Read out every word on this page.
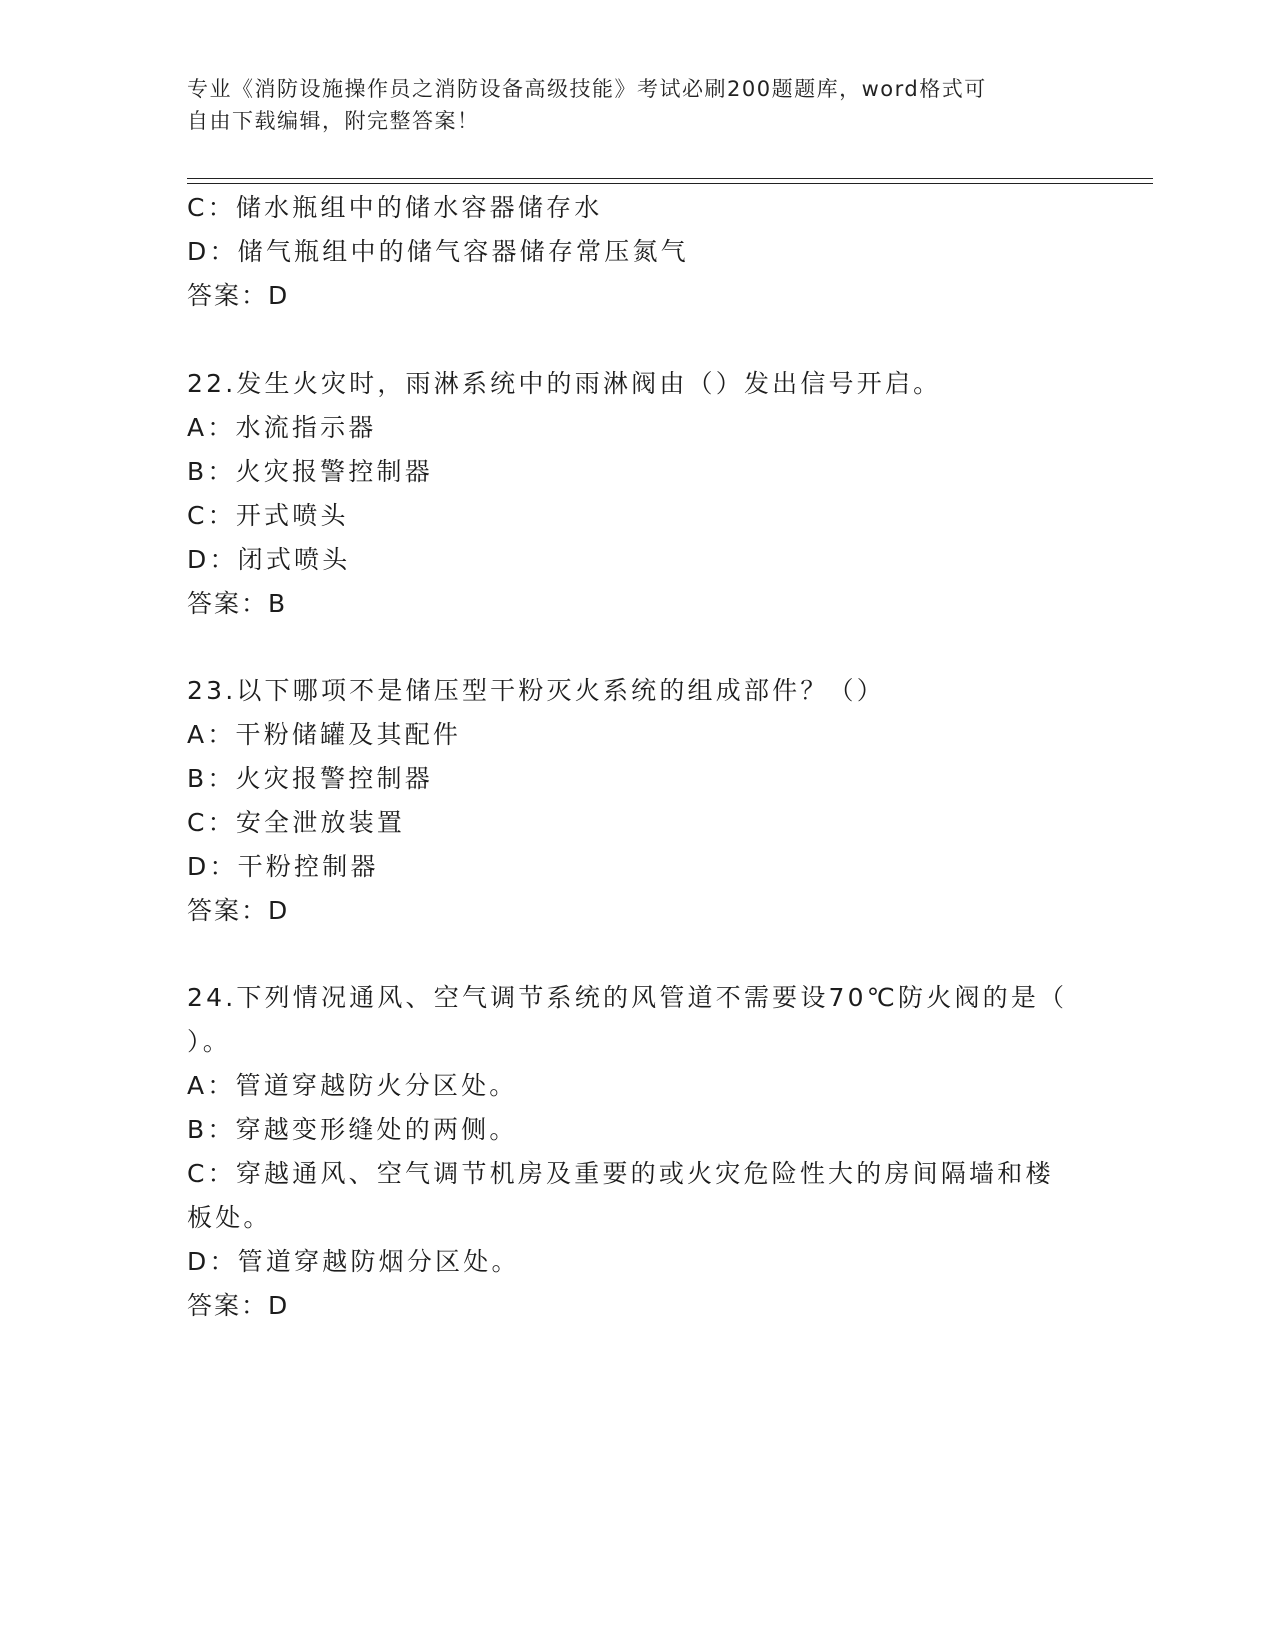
专业《消防设施操作员之消防设备高级技能》考试必刷200题题库，word格式可
自由下载编辑，附完整答案！
C：储水瓶组中的储水容器储存水
D：储气瓶组中的储气容器储存常压氮气
答案：D
22.发生火灾时，雨淋系统中的雨淋阀由（）发出信号开启。
A：水流指示器
B：火灾报警控制器
C：开式喷头
D：闭式喷头
答案：B
23.以下哪项不是储压型干粉灭火系统的组成部件？（）
A：干粉储罐及其配件
B：火灾报警控制器
C：安全泄放装置
D：干粉控制器
答案：D
24.下列情况通风、空气调节系统的风管道不需要设70℃防火阀的是（
）。
A：管道穿越防火分区处。
B：穿越变形缝处的两侧。
C：穿越通风、空气调节机房及重要的或火灾危险性大的房间隔墙和楼
板处。
D：管道穿越防烟分区处。
答案：D
